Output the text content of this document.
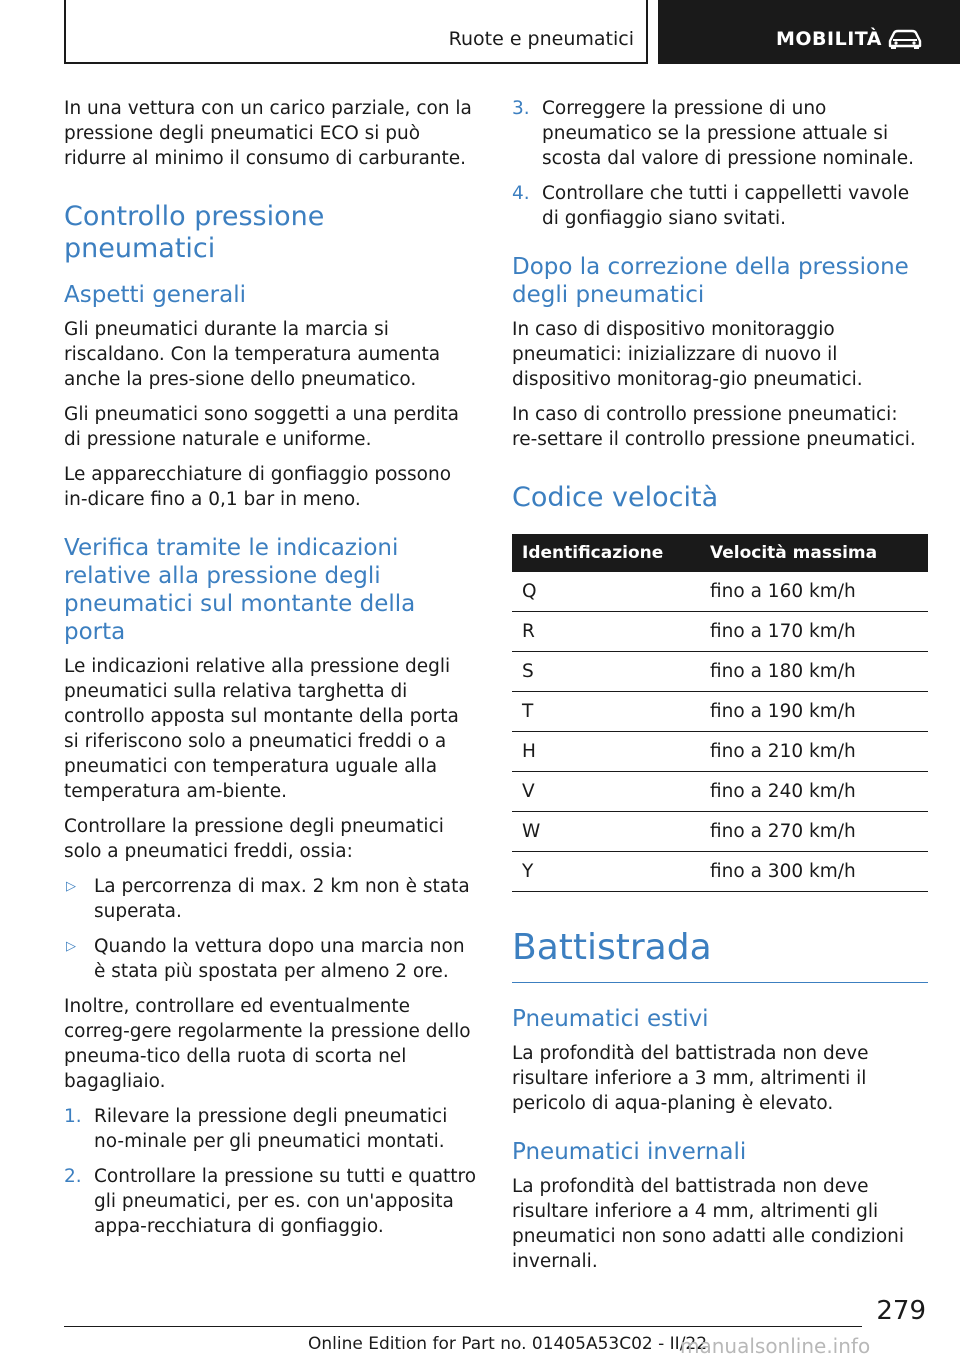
Ruote e pneumatici	MOBILITÀ

In una vettura con un carico parziale, con la pressione degli pneumatici ECO si può ridurre al minimo il consumo di carburante.

Controllo pressione pneumatici
Aspetti generali

Gli pneumatici durante la marcia si riscaldano. Con la temperatura aumenta anche la pres-sione dello pneumatico.

Gli pneumatici sono soggetti a una perdita di pressione naturale e uniforme.

Le apparecchiature di gonfiaggio possono in-dicare fino a 0,1 bar in meno.

Verifica tramite le indicazioni relative alla pressione degli pneumatici sul montante della porta

Le indicazioni relative alla pressione degli pneumatici sulla relativa targhetta di controllo apposta sul montante della porta si riferiscono solo a pneumatici freddi o a pneumatici con temperatura uguale alla temperatura am-biente.

Controllare la pressione degli pneumatici solo a pneumatici freddi, ossia:

▷ La percorrenza di max. 2 km non è stata superata.
▷ Quando la vettura dopo una marcia non è stata più spostata per almeno 2 ore.

Inoltre, controllare ed eventualmente correg-gere regolarmente la pressione dello pneuma-tico della ruota di scorta nel bagagliaio.

1. Rilevare la pressione degli pneumatici no-minale per gli pneumatici montati.
2. Controllare la pressione su tutti e quattro gli pneumatici, per es. con un'apposita appa-recchiatura di gonfiaggio.
3. Correggere la pressione di uno pneumatico se la pressione attuale si scosta dal valore di pressione nominale.
4. Controllare che tutti i cappelletti vavole di gonfiaggio siano svitati.
Dopo la correzione della pressione degli pneumatici

In caso di dispositivo monitoraggio pneumatici: inizializzare di nuovo il dispositivo monitorag-gio pneumatici.

In caso di controllo pressione pneumatici: re-settare il controllo pressione pneumatici.

Codice velocità
Identificazione	Velocità massima
Q	fino a 160 km/h
R	fino a 170 km/h
S	fino a 180 km/h
T	fino a 190 km/h
H	fino a 210 km/h
V	fino a 240 km/h
W	fino a 270 km/h
Y	fino a 300 km/h
Battistrada
Pneumatici estivi

La profondità del battistrada non deve risultare inferiore a 3 mm, altrimenti il pericolo di aqua-planing è elevato.

Pneumatici invernali

La profondità del battistrada non deve risultare inferiore a 4 mm, altrimenti gli pneumatici non sono adatti alle condizioni invernali.

279
Online Edition for Part no. 01405A53C02 - II/22
manualsonline.info
